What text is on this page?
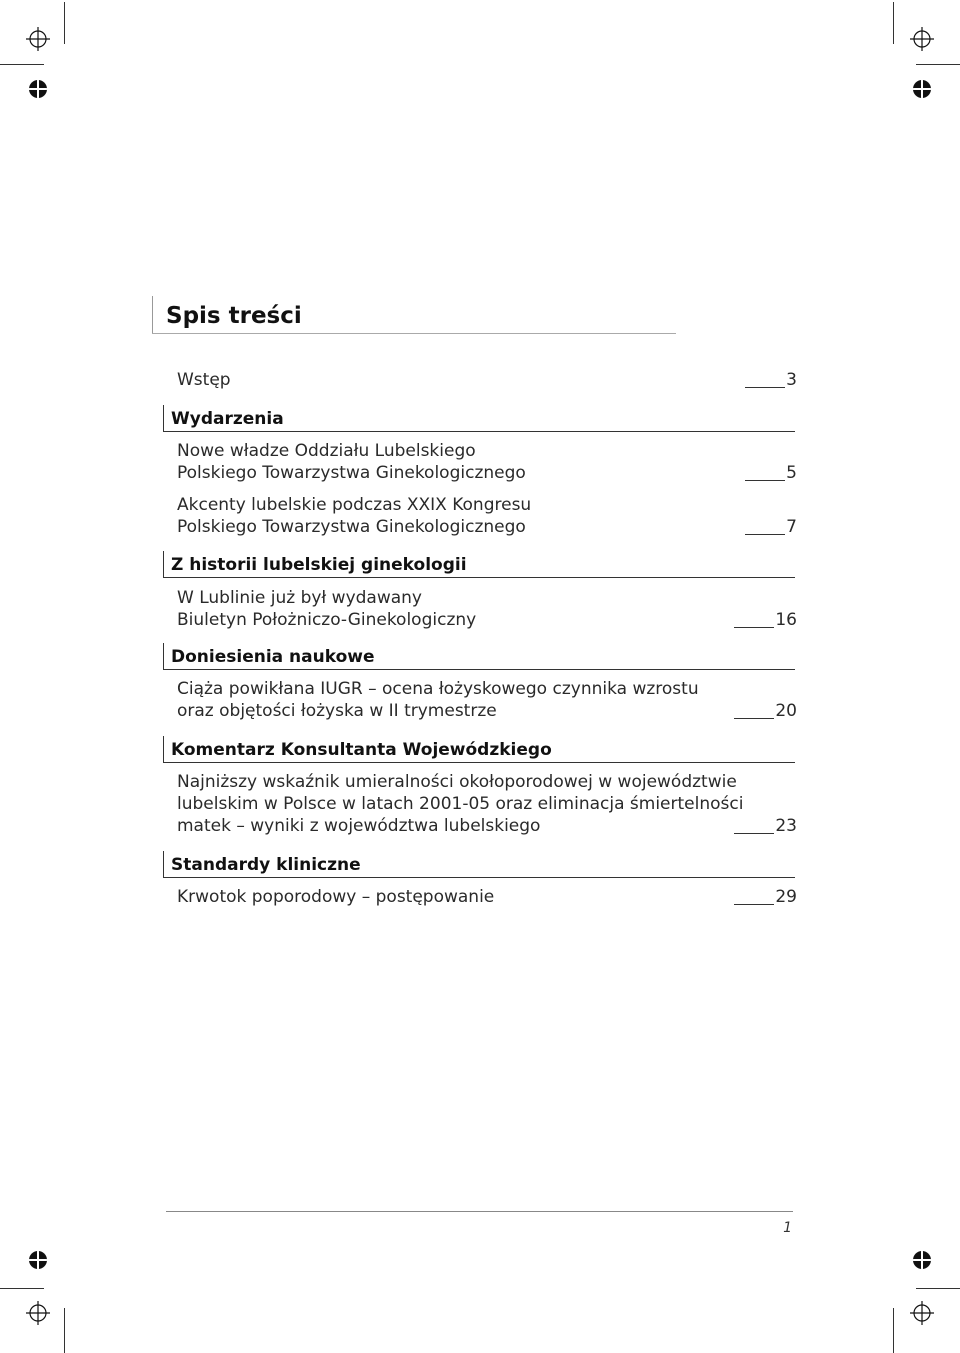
Spis treści
Wstęp	3
Wydarzenia
Nowe władze Oddziału Lubelskiego
Polskiego Towarzystwa Ginekologicznego	5
Akcenty lubelskie podczas XXIX Kongresu
Polskiego Towarzystwa Ginekologicznego	7
Z historii lubelskiej ginekologii
W Lublinie już był wydawany
Biuletyn Położniczo-Ginekologiczny	16
Doniesienia naukowe
Ciąża powikłana IUGR – ocena łożyskowego czynnika wzrostu
oraz objętości łożyska w II trymestrze	20
Komentarz Konsultanta Wojewódzkiego
Najniższy wskaźnik umieralności okołoporodowej w województwie
lubelskim w Polsce w latach 2001-05 oraz eliminacja śmiertelności
matek – wyniki z województwa lubelskiego	23
Standardy kliniczne
Krwotok poporodowy – postępowanie	29
1
